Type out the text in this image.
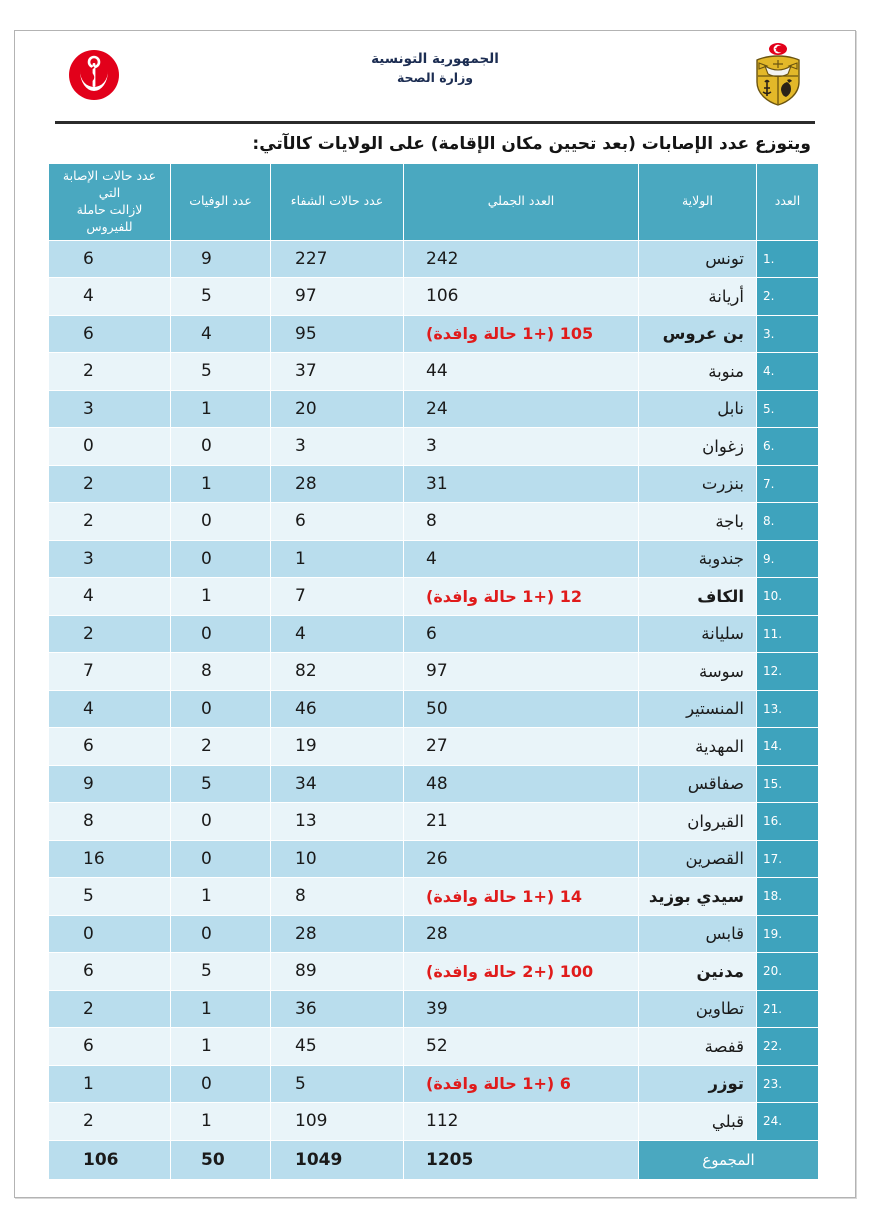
الجمهورية التونسية
وزارة الصحة
ويتوزع عدد الإصابات (بعد تحيين مكان الإقامة) على الولايات كالآتي:
العدد	الولاية	العدد الجملي	عدد حالات الشفاء	عدد الوفيات	عدد حالات الإصابة التي
لازالت حاملة للفيروس
1.	تونس	242	227	9	6
2.	أريانة	106	97	5	4
3.	بن عروس	105 (+1 حالة وافدة)	95	4	6
4.	منوبة	44	37	5	2
5.	نابل	24	20	1	3
6.	زغوان	3	3	0	0
7.	بنزرت	31	28	1	2
8.	باجة	8	6	0	2
9.	جندوبة	4	1	0	3
10.	الكاف	12 (+1 حالة وافدة)	7	1	4
11.	سليانة	6	4	0	2
12.	سوسة	97	82	8	7
13.	المنستير	50	46	0	4
14.	المهدية	27	19	2	6
15.	صفاقس	48	34	5	9
16.	القيروان	21	13	0	8
17.	القصرين	26	10	0	16
18.	سيدي بوزيد	14 (+1 حالة وافدة)	8	1	5
19.	قابس	28	28	0	0
20.	مدنين	100 (+2 حالة وافدة)	89	5	6
21.	تطاوين	39	36	1	2
22.	قفصة	52	45	1	6
23.	توزر	6 (+1 حالة وافدة)	5	0	1
24.	قبلي	112	109	1	2
المجموع		1205	1049	50	106
